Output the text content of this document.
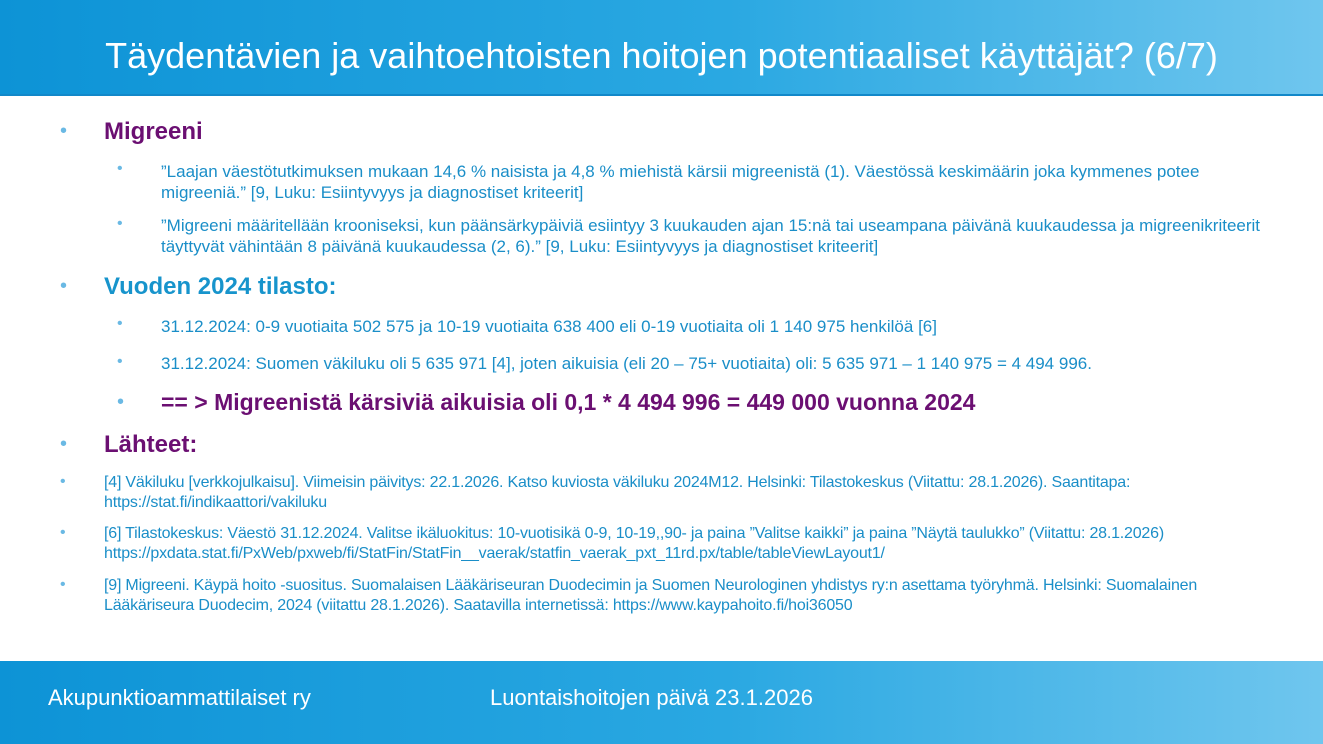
Täydentävien ja vaihtoehtoisten hoitojen potentiaaliset käyttäjät? (6/7)
• Migreeni
• ”Laajan väestötutkimuksen mukaan 14,6 % naisista ja 4,8 % miehistä kärsii migreenistä (1). Väestössä keskimäärin joka kymmenes potee migreeniä.” [9, Luku: Esiintyvyys ja diagnostiset kriteerit]
• ”Migreeni määritellään krooniseksi, kun päänsärkypäiviä esiintyy 3 kuukauden ajan 15:nä tai useampana päivänä kuukaudessa ja migreenikriteerit täyttyvät vähintään 8 päivänä kuukaudessa (2, 6).” [9, Luku: Esiintyvyys ja diagnostiset kriteerit]
• Vuoden 2024 tilasto:
• 31.12.2024: 0-9 vuotiaita 502 575 ja 10-19 vuotiaita 638 400 eli 0-19 vuotiaita oli 1 140 975 henkilöä [6]
• 31.12.2024: Suomen väkiluku oli 5 635 971 [4], joten aikuisia (eli 20 – 75+ vuotiaita) oli: 5 635 971 – 1 140 975 = 4 494 996.
• == > Migreenistä kärsiviä aikuisia oli 0,1 * 4 494 996 = 449 000 vuonna 2024
• Lähteet:
• [4] Väkiluku [verkkojulkaisu]. Viimeisin päivitys: 22.1.2026. Katso kuviosta väkiluku 2024M12. Helsinki: Tilastokeskus (Viitattu: 28.1.2026). Saantitapa: https://stat.fi/indikaattori/vakiluku
• [6] Tilastokeskus: Väestö 31.12.2024. Valitse ikäluokitus: 10-vuotisikä 0-9, 10-19,,90- ja paina ”Valitse kaikki” ja paina ”Näytä taulukko” (Viitattu: 28.1.2026) https://pxdata.stat.fi/PxWeb/pxweb/fi/StatFin/StatFin__vaerak/statfin_vaerak_pxt_11rd.px/table/tableViewLayout1/
• [9] Migreeni. Käypä hoito -suositus. Suomalaisen Lääkäriseuran Duodecimin ja Suomen Neurologinen yhdistys ry:n asettama työryhmä. Helsinki: Suomalainen Lääkäriseura Duodecim, 2024 (viitattu 28.1.2026). Saatavilla internetissä: https://www.kaypahoito.fi/hoi36050
Akupunktioammattilaiset ry	Luontaishoitojen päivä 23.1.2026
